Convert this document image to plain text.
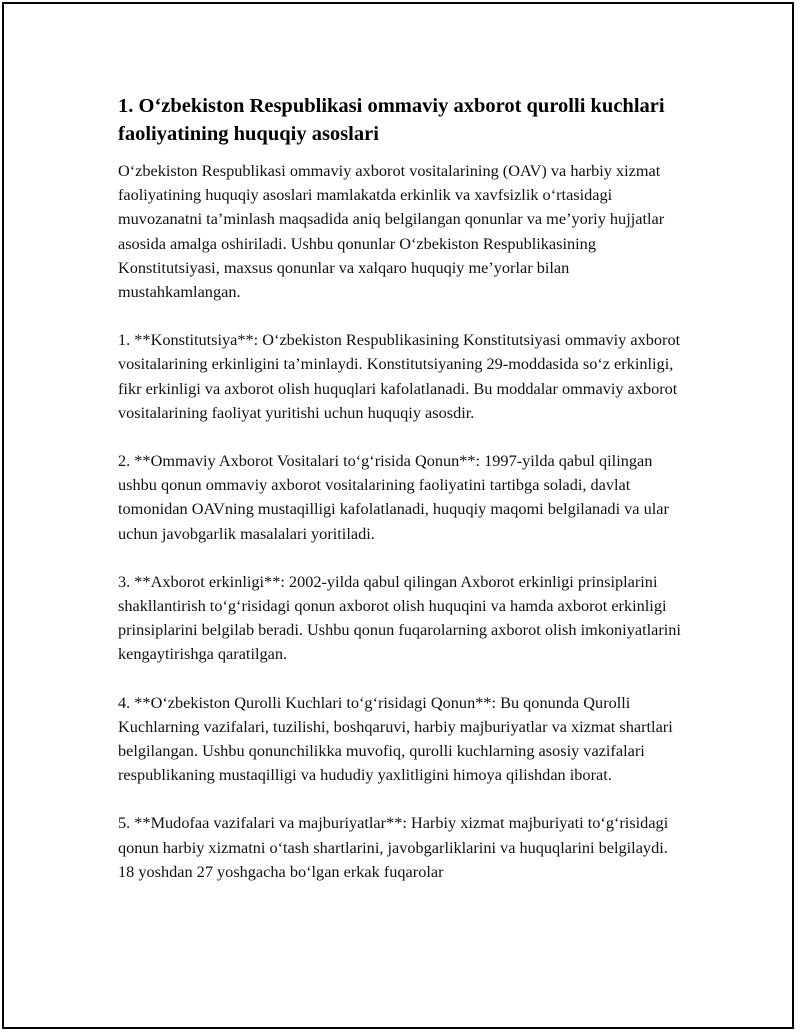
1. O‘zbekiston Respublikasi ommaviy axborot qurolli kuchlari faoliyatining huquqiy asoslari

O‘zbekiston Respublikasi ommaviy axborot vositalarining (OAV) va harbiy xizmat faoliyatining huquqiy asoslari mamlakatda erkinlik va xavfsizlik o‘rtasidagi muvozanatni ta’minlash maqsadida aniq belgilangan qonunlar va me’yoriy hujjatlar asosida amalga oshiriladi. Ushbu qonunlar O‘zbekiston Respublikasining Konstitutsiyasi, maxsus qonunlar va xalqaro huquqiy me’yorlar bilan mustahkamlangan.

1. **Konstitutsiya**: O‘zbekiston Respublikasining Konstitutsiyasi ommaviy axborot vositalarining erkinligini ta’minlaydi. Konstitutsiyaning 29-moddasida so‘z erkinligi, fikr erkinligi va axborot olish huquqlari kafolatlanadi. Bu moddalar ommaviy axborot vositalarining faoliyat yuritishi uchun huquqiy asosdir.

2. **Ommaviy Axborot Vositalari to‘g‘risida Qonun**: 1997-yilda qabul qilingan ushbu qonun ommaviy axborot vositalarining faoliyatini tartibga soladi, davlat tomonidan OAVning mustaqilligi kafolatlanadi, huquqiy maqomi belgilanadi va ular uchun javobgarlik masalalari yoritiladi.

3. **Axborot erkinligi**: 2002-yilda qabul qilingan Axborot erkinligi prinsiplarini shakllantirish to‘g‘risidagi qonun axborot olish huquqini va hamda axborot erkinligi prinsiplarini belgilab beradi. Ushbu qonun fuqarolarning axborot olish imkoniyatlarini kengaytirishga qaratilgan.

4. **O‘zbekiston Qurolli Kuchlari to‘g‘risidagi Qonun**: Bu qonunda Qurolli Kuchlarning vazifalari, tuzilishi, boshqaruvi, harbiy majburiyatlar va xizmat shartlari belgilangan. Ushbu qonunchilikka muvofiq, qurolli kuchlarning asosiy vazifalari respublikaning mustaqilligi va hududiy yaxlitligini himoya qilishdan iborat.

5. **Mudofaa vazifalari va majburiyatlar**: Harbiy xizmat majburiyati to‘g‘risidagi qonun harbiy xizmatni o‘tash shartlarini, javobgarliklarini va huquqlarini belgilaydi. 18 yoshdan 27 yoshgacha bo‘lgan erkak fuqarolar
